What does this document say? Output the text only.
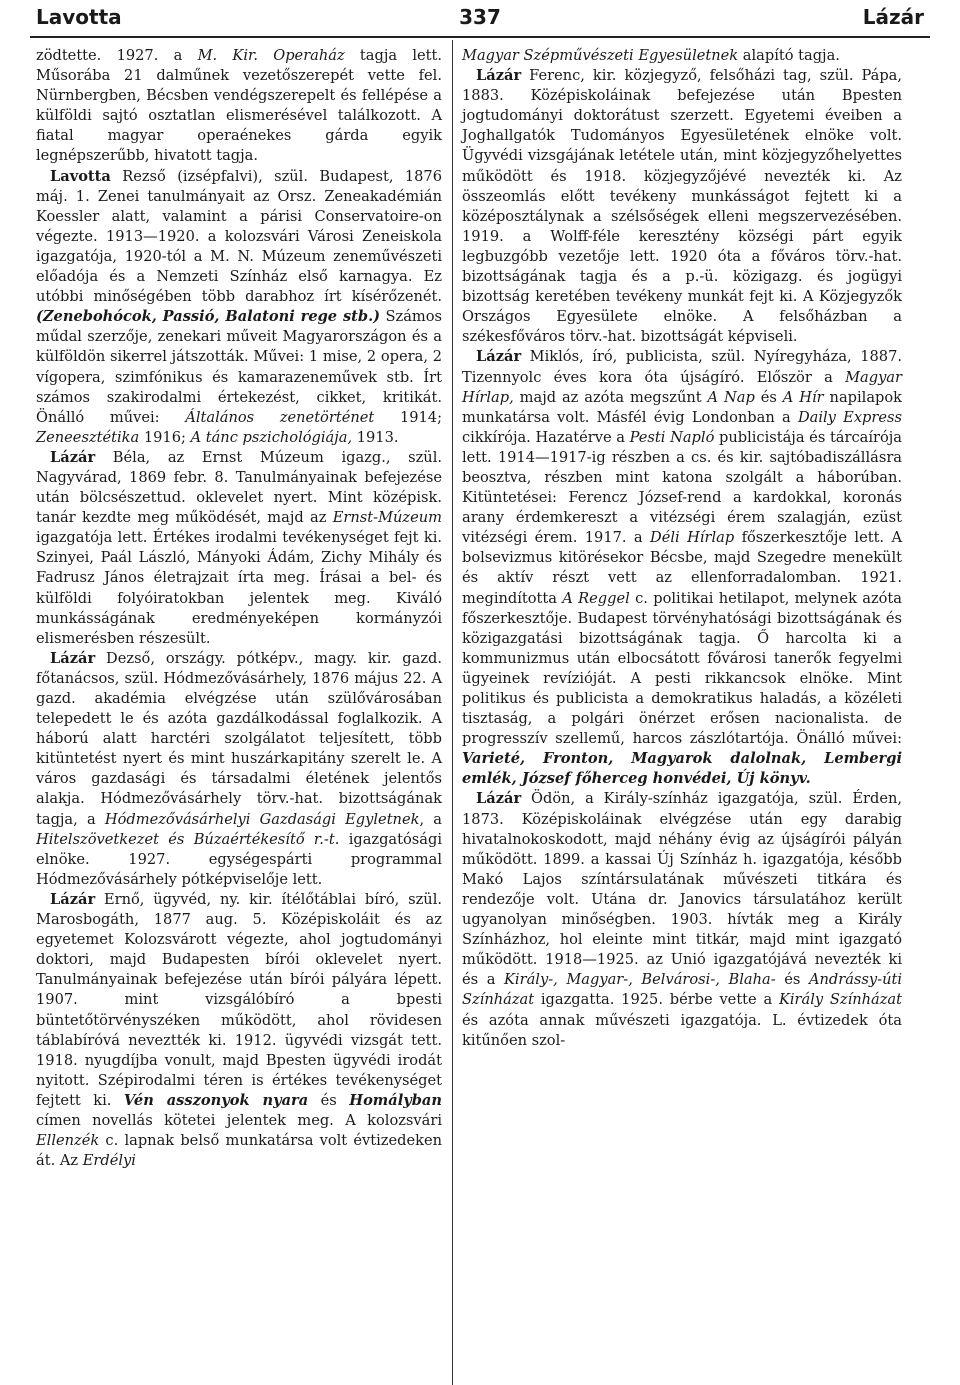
Lavotta	337	Lázár

zödtette. 1927. a M. Kir. Operaház tagja lett. Műsorába 21 dalműnek vezetőszerepét vette fel. Nürnbergben, Bécsben vendégszerepelt és fellépése a külföldi sajtó osztatlan elismerésével találkozott. A fiatal magyar operaénekes gárda egyik legnépszerűbb, hivatott tagja.

Lavotta Rezső (izsépfalvi), szül. Budapest, 1876 máj. 1. Zenei tanulmányait az Orsz. Zeneakadémián Koessler alatt, valamint a párisi Conservatoire-on végezte. 1913—1920. a kolozsvári Városi Zeneiskola igazgatója, 1920-tól a M. N. Múzeum zeneművészeti előadója és a Nemzeti Színház első karnagya. Ez utóbbi minőségében több darabhoz írt kísérőzenét. (Zenebohócok, Passió, Balatoni rege stb.) Számos műdal szerzője, zenekari műveit Magyarországon és a külföldön sikerrel játszották. Művei: 1 mise, 2 opera, 2 vígopera, szimfónikus és kamarazeneművek stb. Írt számos szakirodalmi értekezést, cikket, kritikát. Önálló művei: Általános zenetörténet 1914; Zeneesztétika 1916; A tánc pszichológiája, 1913.

Lázár Béla, az Ernst Múzeum igazg., szül. Nagyvárad, 1869 febr. 8. Tanulmányainak befejezése után bölcsészettud. oklevelet nyert. Mint középisk. tanár kezdte meg működését, majd az Ernst-Múzeum igazgatója lett. Értékes irodalmi tevékenységet fejt ki. Szinyei, Paál László, Mányoki Ádám, Zichy Mihály és Fadrusz János életrajzait írta meg. Írásai a bel- és külföldi folyóiratokban jelentek meg. Kiváló munkásságának eredményeképen kormányzói elismerésben részesült.

Lázár Dezső, országy. pótképv., magy. kir. gazd. főtanácsos, szül. Hódmezővásárhely, 1876 május 22. A gazd. akadémia elvégzése után szülővárosában telepedett le és azóta gazdálkodással foglalkozik. A háború alatt harctéri szolgálatot teljesített, több kitüntetést nyert és mint huszárkapitány szerelt le. A város gazdasági és társadalmi életének jelentős alakja. Hódmezővásárhely törv.-hat. bizottságának tagja, a Hódmezővásárhelyi Gazdasági Egyletnek, a Hitelszövetkezet és Búzaértékesítő r.-t. igazgatósági elnöke. 1927. egységespárti programmal Hódmezővásárhely pótképviselője lett.

Lázár Ernő, ügyvéd, ny. kir. ítélőtáblai bíró, szül. Marosbogáth, 1877 aug. 5. Középiskoláit és az egyetemet Kolozsvárott végezte, ahol jogtudományi doktori, majd Budapesten bírói oklevelet nyert. Tanulmányainak befejezése után bírói pályára lépett. 1907. mint vizsgálóbíró a bpesti büntetőtörvényszéken működött, ahol rövidesen táblabíróvá neveztték ki. 1912. ügyvédi vizsgát tett. 1918. nyugdíjba vonult, majd Bpesten ügyvédi irodát nyitott. Szépirodalmi téren is értékes tevékenységet fejtett ki. Vén asszonyok nyara és Homályban címen novellás kötetei jelentek meg. A kolozsvári Ellenzék c. lapnak belső munkatársa volt évtizedeken át. Az Erdélyi

Magyar Szépművészeti Egyesületnek alapító tagja.

Lázár Ferenc, kir. közjegyző, felsőházi tag, szül. Pápa, 1883. Középiskoláinak befejezése után Bpesten jogtudományi doktorátust szerzett. Egyetemi éveiben a Joghallgatók Tudományos Egyesületének elnöke volt. Ügyvédi vizsgájának letétele után, mint közjegyzőhelyettes működött és 1918. közjegyzőjévé nevezték ki. Az összeomlás előtt tevékeny munkásságot fejtett ki a középosztálynak a szélsőségek elleni megszervezésében. 1919. a Wolff-féle keresztény községi párt egyik legbuzgóbb vezetője lett. 1920 óta a főváros törv.-hat. bizottságának tagja és a p.-ü. közigazg. és jogügyi bizottság keretében tevékeny munkát fejt ki. A Közjegyzők Országos Egyesülete elnöke. A felsőházban a székesfőváros törv.-hat. bizottságát képviseli.

Lázár Miklós, író, publicista, szül. Nyíregyháza, 1887. Tizennyolc éves kora óta újságíró. Először a Magyar Hírlap, majd az azóta megszűnt A Nap és A Hír napilapok munkatársa volt. Másfél évig Londonban a Daily Express cikkírója. Hazatérve a Pesti Napló publicistája és tárcaírója lett. 1914—1917-ig részben a cs. és kir. sajtóbadiszállásra beosztva, részben mint katona szolgált a háborúban. Kitüntetései: Ferencz József-rend a kardokkal, koronás arany érdemkereszt a vitézségi érem szalagján, ezüst vitézségi érem. 1917. a Déli Hírlap főszerkesztője lett. A bolsevizmus kitörésekor Bécsbe, majd Szegedre menekült és aktív részt vett az ellenforradalomban. 1921. megindította A Reggel c. politikai hetilapot, melynek azóta főszerkesztője. Budapest törvényhatósági bizottságának és közigazgatási bizottságának tagja. Ő harcolta ki a kommunizmus után elbocsátott fővárosi tanerők fegyelmi ügyeinek revízióját. A pesti rikkancsok elnöke. Mint politikus és publicista a demokratikus haladás, a közéleti tisztaság, a polgári önérzet erősen nacionalista. de progresszív szellemű, harcos zászlótartója. Önálló művei: Varieté, Fronton, Magyarok dalolnak, Lembergi emlék, József főherceg honvédei, Új könyv.

Lázár Ödön, a Király-színház igazgatója, szül. Érden, 1873. Középiskoláinak elvégzése után egy darabig hivatalnokoskodott, majd néhány évig az újságírói pályán működött. 1899. a kassai Új Színház h. igazgatója, később Makó Lajos színtársulatának művészeti titkára és rendezője volt. Utána dr. Janovics társulatához került ugyanolyan minőségben. 1903. hívták meg a Király Színházhoz, hol eleinte mint titkár, majd mint igazgató működött. 1918—1925. az Unió igazgatójává nevezték ki és a Király-, Magyar-, Belvárosi-, Blaha- és Andrássy-úti Színházat igazgatta. 1925. bérbe vette a Király Színházat és azóta annak művészeti igazgatója. L. évtizedek óta kitűnően szol-
